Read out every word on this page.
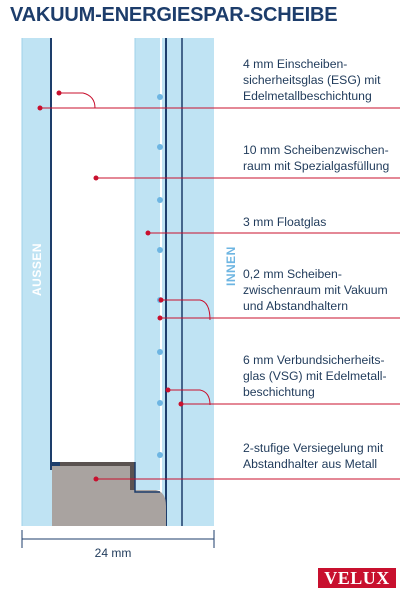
VAKUUM-ENERGIESPAR-SCHEIBE
AUSSEN	INNEN
4 mm Einscheiben-
sicherheitsglas (ESG) mit
Edelmetallbeschichtung
10 mm Scheibenzwischen-
raum mit Spezialgasfüllung
3 mm Floatglas
0,2 mm Scheiben-
zwischenraum mit Vakuum
und Abstandhaltern
6 mm Verbundsicherheits-
glas (VSG) mit Edelmetall-
beschichtung
2-stufige Versiegelung mit
Abstandhalter aus Metall
24 mm
VELUX
